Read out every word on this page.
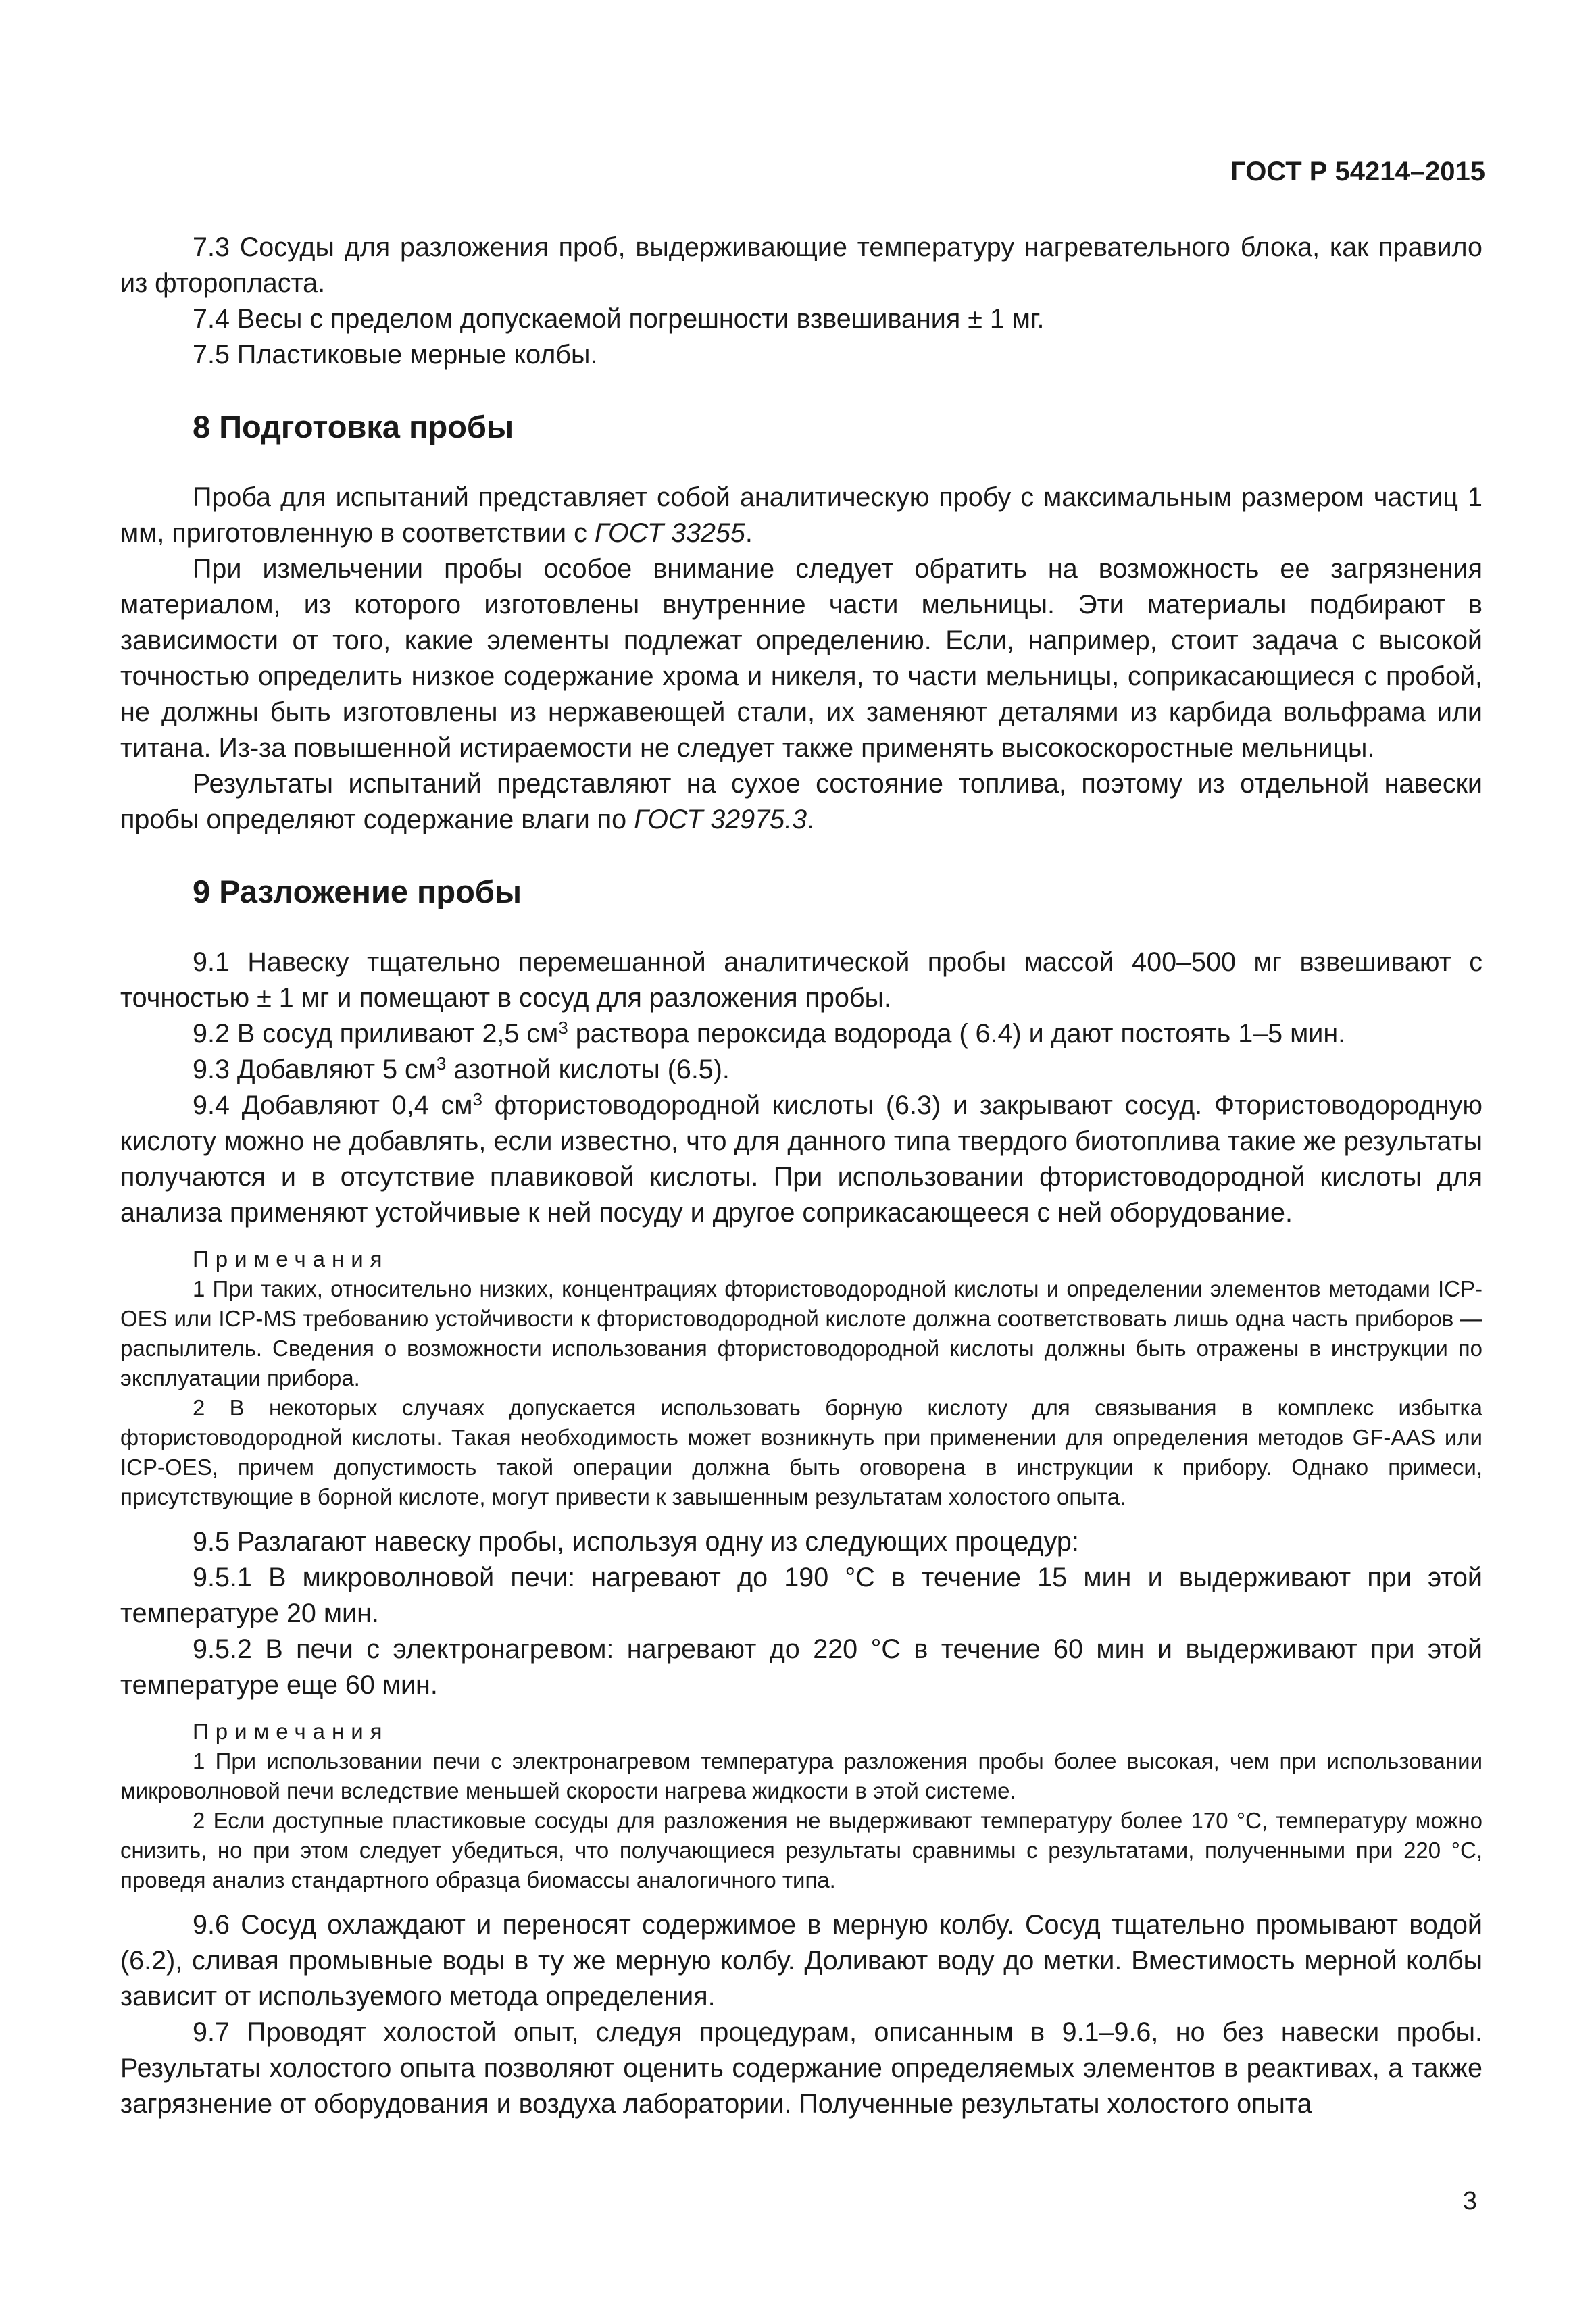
ГОСТ Р 54214–2015

7.3 Сосуды для разложения проб, выдерживающие температуру нагревательного блока, как правило из фторопласта.

7.4 Весы с пределом допускаемой погрешности взвешивания ± 1 мг.

7.5 Пластиковые мерные колбы.

8 Подготовка пробы

Проба для испытаний представляет собой аналитическую пробу с максимальным размером частиц 1 мм, приготовленную в соответствии с ГОСТ 33255.

При измельчении пробы особое внимание следует обратить на возможность ее загрязнения материалом, из которого изготовлены внутренние части мельницы. Эти материалы подбирают в зависимости от того, какие элементы подлежат определению. Если, например, стоит задача с высокой точностью определить низкое содержание хрома и никеля, то части мельницы, соприкасающиеся с пробой, не должны быть изготовлены из нержавеющей стали, их заменяют деталями из карбида вольфрама или титана. Из-за повышенной истираемости не следует также применять высокоскоростные мельницы.

Результаты испытаний представляют на сухое состояние топлива, поэтому из отдельной навески пробы определяют содержание влаги по ГОСТ 32975.3.

9 Разложение пробы

9.1 Навеску тщательно перемешанной аналитической пробы массой 400–500 мг взвешивают с точностью ± 1 мг и помещают в сосуд для разложения пробы.

9.2 В сосуд приливают 2,5 $см^3$ раствора пероксида водорода ( 6.4) и дают постоять 1–5 мин.

9.3 Добавляют 5 $см^3$ азотной кислоты (6.5).

9.4 Добавляют 0,4 $см^3$ фтористоводородной кислоты (6.3) и закрывают сосуд. Фтористоводородную кислоту можно не добавлять, если известно, что для данного типа твердого биотоплива такие же результаты получаются и в отсутствие плавиковой кислоты. При использовании фтористоводородной кислоты для анализа применяют устойчивые к ней посуду и другое соприкасающееся с ней оборудование.

Примечания
1 При таких, относительно низких, концентрациях фтористоводородной кислоты и определении элементов методами ICP-OES или ICP-MS требованию устойчивости к фтористоводородной кислоте должна соответствовать лишь одна часть приборов — распылитель. Сведения о возможности использования фтористоводородной кислоты должны быть отражены в инструкции по эксплуатации прибора.
2 В некоторых случаях допускается использовать борную кислоту для связывания в комплекс избытка фтористоводородной кислоты. Такая необходимость может возникнуть при применении для определения методов GF-AAS или ICP-OES, причем допустимость такой операции должна быть оговорена в инструкции к прибору. Однако примеси, присутствующие в борной кислоте, могут привести к завышенным результатам холостого опыта.

9.5 Разлагают навеску пробы, используя одну из следующих процедур:

9.5.1 В микроволновой печи: нагревают до 190 °С в течение 15 мин и выдерживают при этой температуре 20 мин.

9.5.2 В печи с электронагревом: нагревают до 220 °С в течение 60 мин и выдерживают при этой температуре еще 60 мин.

Примечания
1 При использовании печи с электронагревом температура разложения пробы более высокая, чем при использовании микроволновой печи вследствие меньшей скорости нагрева жидкости в этой системе.
2 Если доступные пластиковые сосуды для разложения не выдерживают температуру более 170 °С, температуру можно снизить, но при этом следует убедиться, что получающиеся результаты сравнимы с результатами, полученными при 220 °С, проведя анализ стандартного образца биомассы аналогичного типа.

9.6 Сосуд охлаждают и переносят содержимое в мерную колбу. Сосуд тщательно промывают водой (6.2), сливая промывные воды в ту же мерную колбу. Доливают воду до метки. Вместимость мерной колбы зависит от используемого метода определения.

9.7 Проводят холостой опыт, следуя процедурам, описанным в 9.1–9.6, но без навески пробы. Результаты холостого опыта позволяют оценить содержание определяемых элементов в реактивах, а также загрязнение от оборудования и воздуха лаборатории. Полученные результаты холостого опыта

3
